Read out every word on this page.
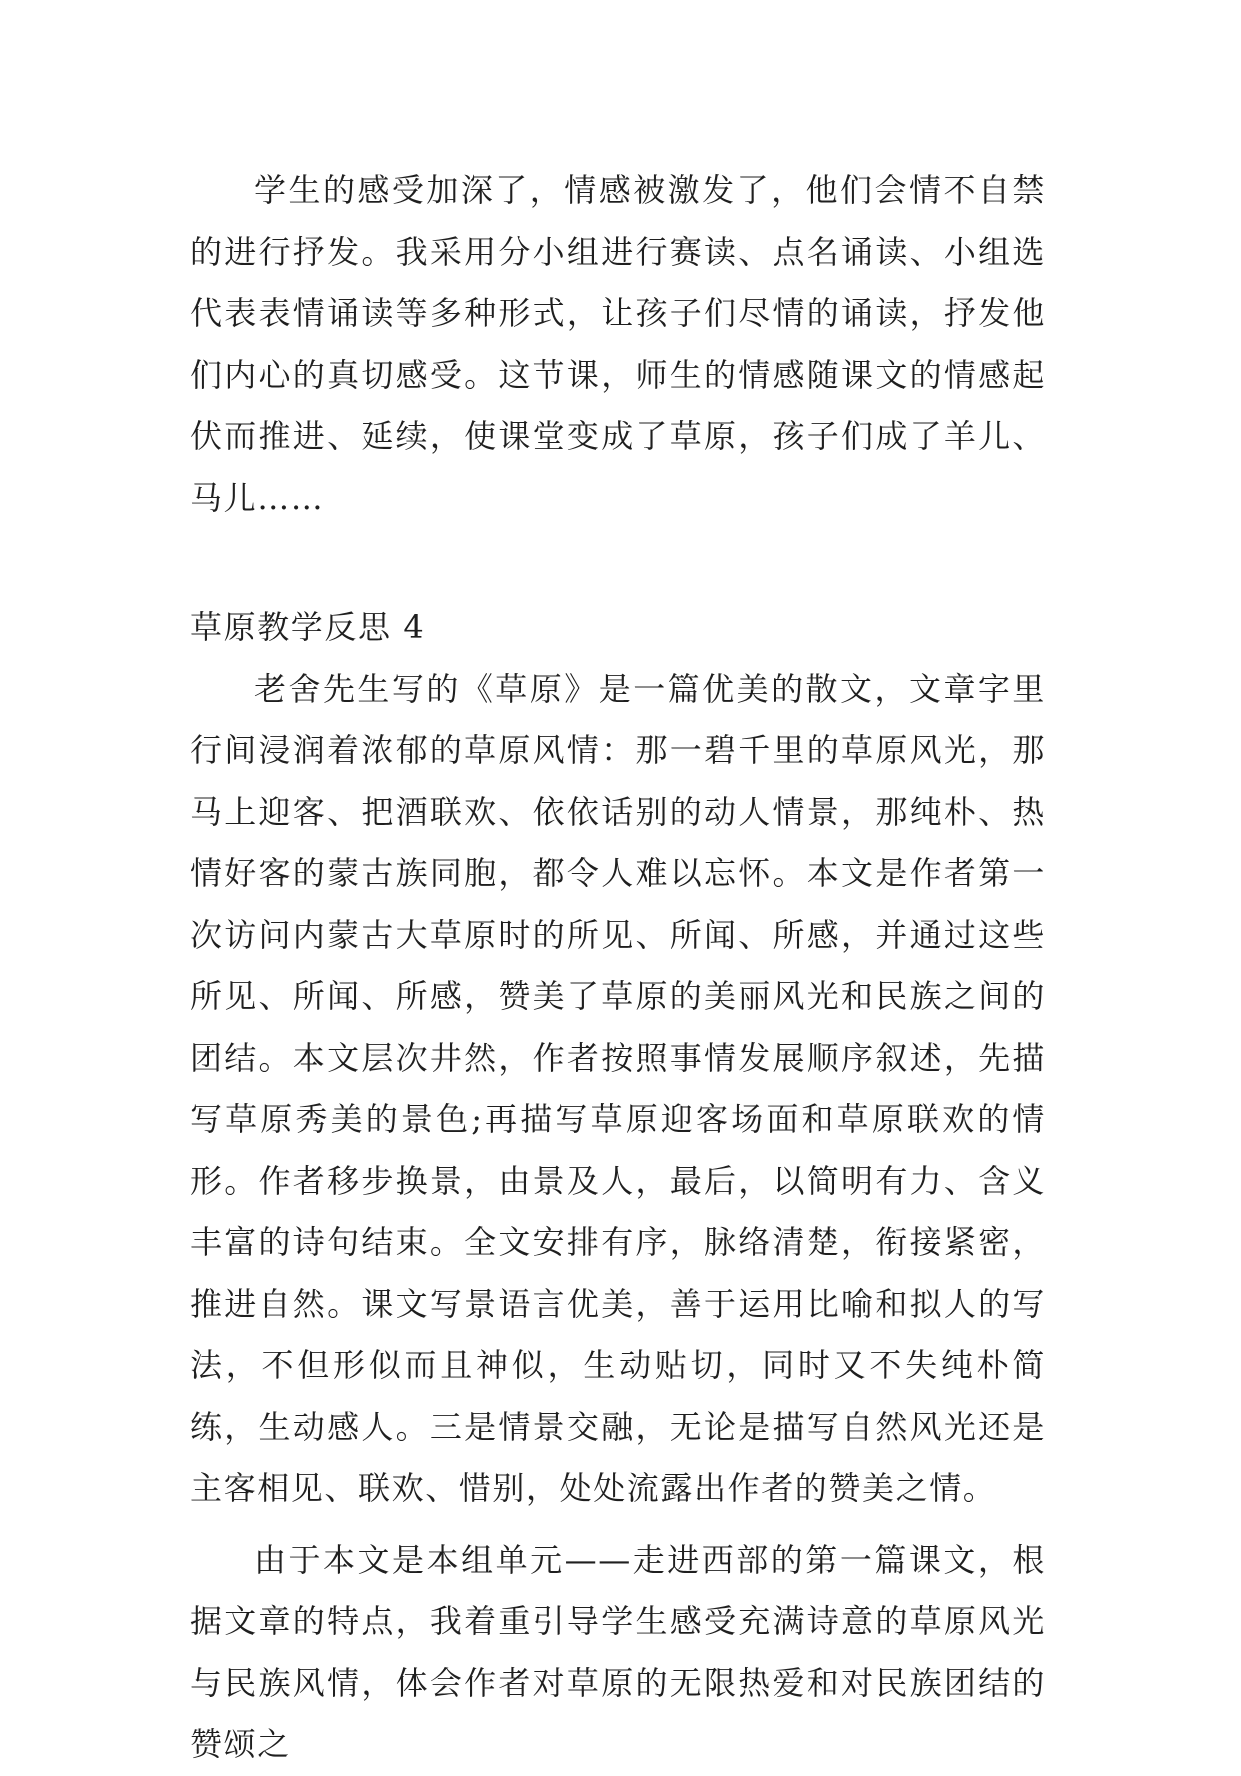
学生的感受加深了，情感被激发了，他们会情不自禁的进行抒发。我采用分小组进行赛读、点名诵读、小组选代表表情诵读等多种形式，让孩子们尽情的诵读，抒发他们内心的真切感受。这节课，师生的情感随课文的情感起伏而推进、延续，使课堂变成了草原，孩子们成了羊儿、马儿……

草原教学反思 4

老舍先生写的《草原》是一篇优美的散文，文章字里行间浸润着浓郁的草原风情：那一碧千里的草原风光，那马上迎客、把酒联欢、依依话别的动人情景，那纯朴、热情好客的蒙古族同胞，都令人难以忘怀。本文是作者第一次访问内蒙古大草原时的所见、所闻、所感，并通过这些所见、所闻、所感，赞美了草原的美丽风光和民族之间的团结。本文层次井然，作者按照事情发展顺序叙述，先描写草原秀美的景色;再描写草原迎客场面和草原联欢的情形。作者移步换景，由景及人，最后，以简明有力、含义丰富的诗句结束。全文安排有序，脉络清楚，衔接紧密，推进自然。课文写景语言优美，善于运用比喻和拟人的写法，不但形似而且神似，生动贴切，同时又不失纯朴简练，生动感人。三是情景交融，无论是描写自然风光还是主客相见、联欢、惜别，处处流露出作者的赞美之情。

由于本文是本组单元——走进西部的第一篇课文，根据文章的特点，我着重引导学生感受充满诗意的草原风光与民族风情，体会作者对草原的无限热爱和对民族团结的赞颂之
